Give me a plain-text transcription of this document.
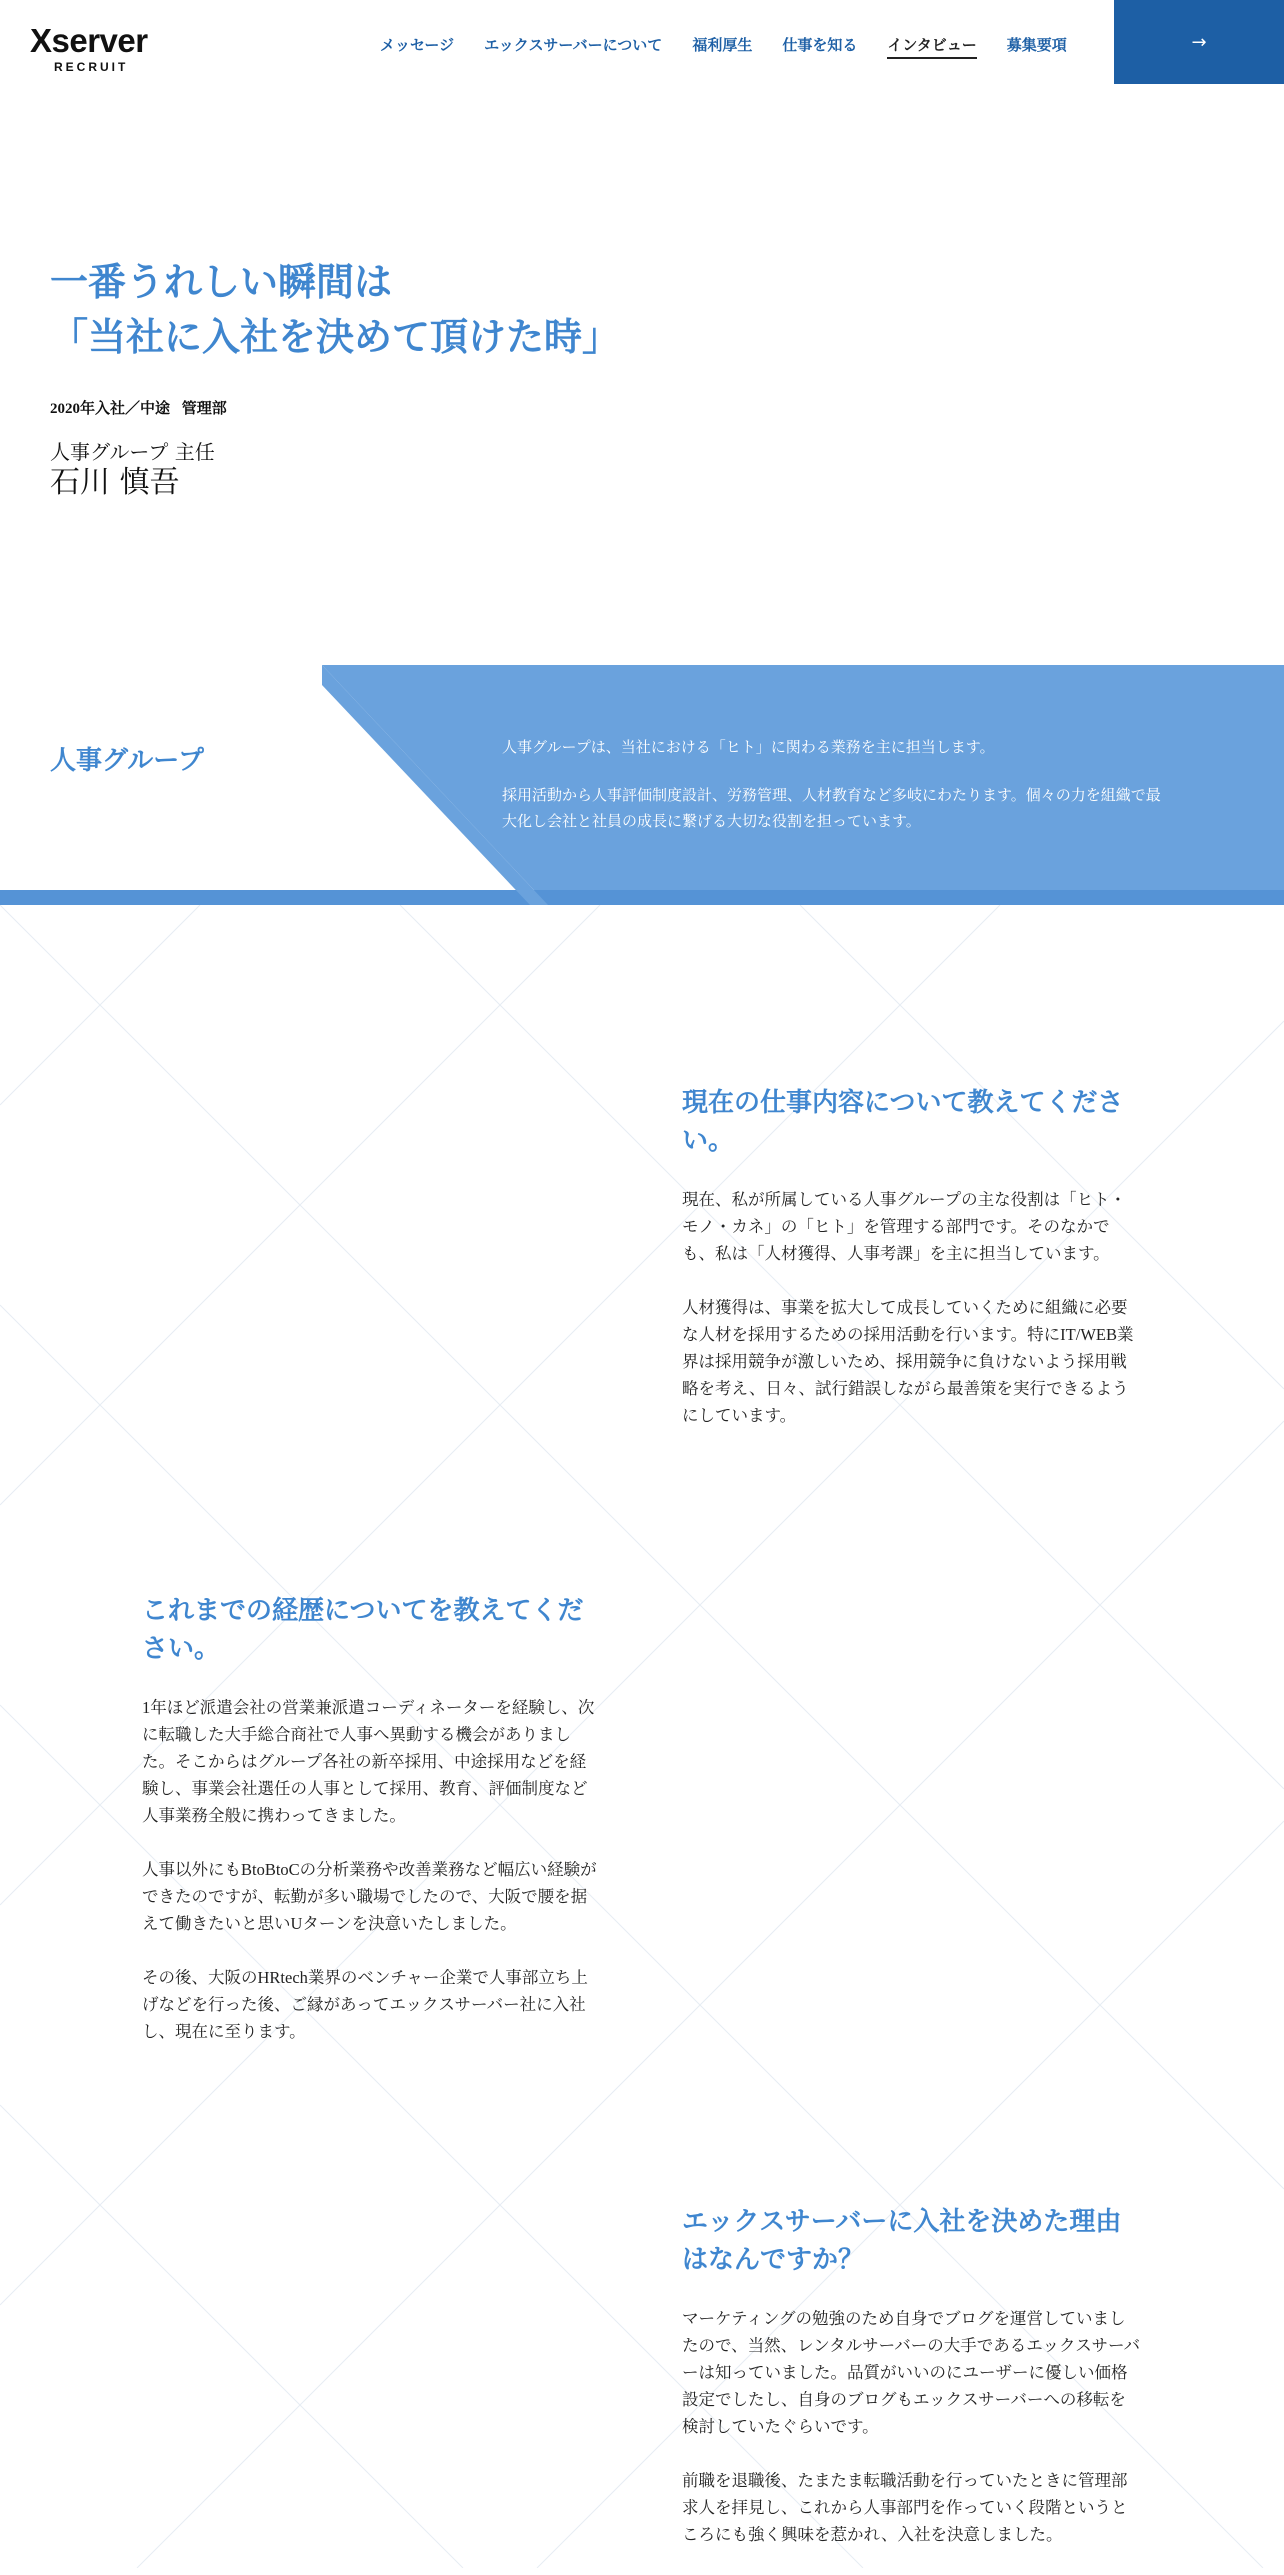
Xserver
RECRUIT
メッセージ エックスサーバーについて 福利厚生 仕事を知る インタビュー 募集要項	→
一番うれしい瞬間は
「当社に入社を決めて頂けた時」
2020年入社／中途 管理部
人事グループ 主任
石川 慎吾
人事グループ	人事グループは、当社における「ヒト」に関わる業務を主に担当します。

採用活動から人事評価制度設計、労務管理、人材教育など多岐にわたります。個々の力を組織で最大化し会社と社員の成長に繋げる大切な役割を担っています。

現在の仕事内容について教えてください。

現在、私が所属している人事グループの主な役割は「ヒト・モノ・カネ」の「ヒト」を管理する部門です。そのなかでも、私は「人材獲得、人事考課」を主に担当しています。

人材獲得は、事業を拡大して成長していくために組織に必要な人材を採用するための採用活動を行います。特にIT/WEB業界は採用競争が激しいため、採用競争に負けないよう採用戦略を考え、日々、試行錯誤しながら最善策を実行できるようにしています。

これまでの経歴についてを教えてください。

1年ほど派遣会社の営業兼派遣コーディネーターを経験し、次に転職した大手総合商社で人事へ異動する機会がありました。そこからはグループ各社の新卒採用、中途採用などを経験し、事業会社選任の人事として採用、教育、評価制度など人事業務全般に携わってきました。

人事以外にもBtoBtoCの分析業務や改善業務など幅広い経験ができたのですが、転勤が多い職場でしたので、大阪で腰を据えて働きたいと思いUターンを決意いたしました。

その後、大阪のHRtech業界のベンチャー企業で人事部立ち上げなどを行った後、ご縁があってエックスサーバー社に入社し、現在に至ります。

エックスサーバーに入社を決めた理由はなんですか？

マーケティングの勉強のため自身でブログを運営していましたので、当然、レンタルサーバーの大手であるエックスサーバーは知っていました。品質がいいのにユーザーに優しい価格設定でしたし、自身のブログもエックスサーバーへの移転を検討していたぐらいです。

前職を退職後、たまたま転職活動を行っていたときに管理部求人を拝見し、これから人事部門を作っていく段階というところにも強く興味を惹かれ、入社を決意しました。
